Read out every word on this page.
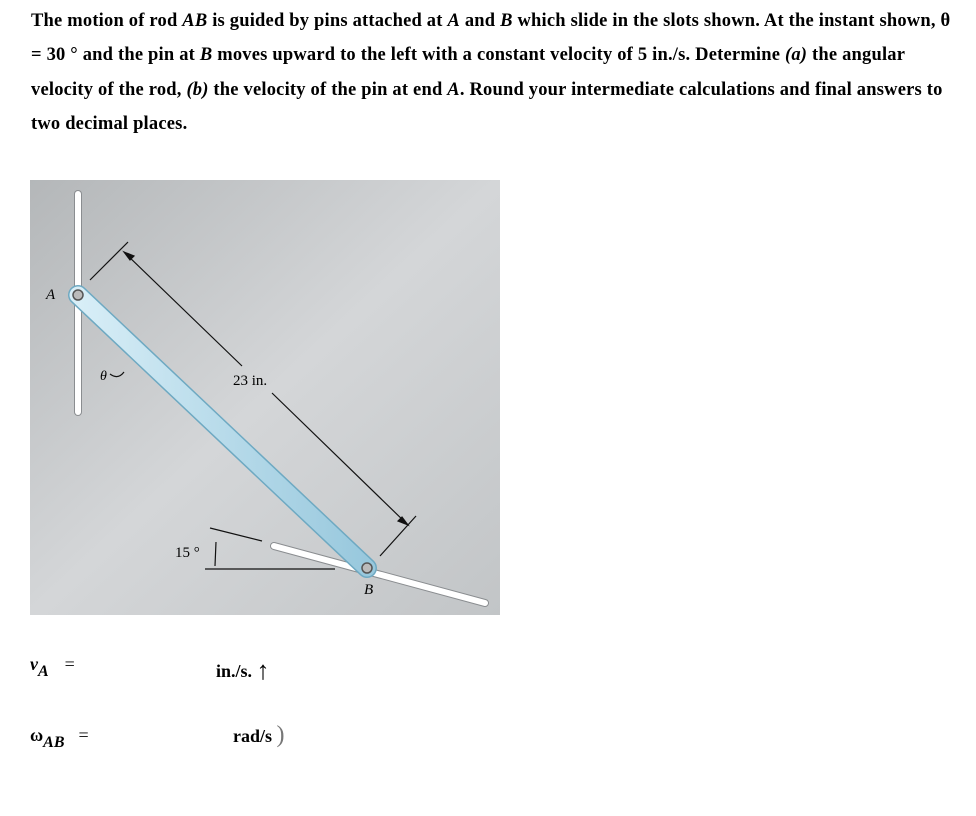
The motion of rod AB is guided by pins attached at A and B which slide in the slots shown. At the instant shown, θ = 30 ° and the pin at B moves upward to the left with a constant velocity of 5 in./s. Determine (a) the angular velocity of the rod, (b) the velocity of the pin at end A. Round your intermediate calculations and final answers to two decimal places.
23 in.
15 °
θ
A
B
vA =	in./s. ↑
ωAB =	rad/s )
